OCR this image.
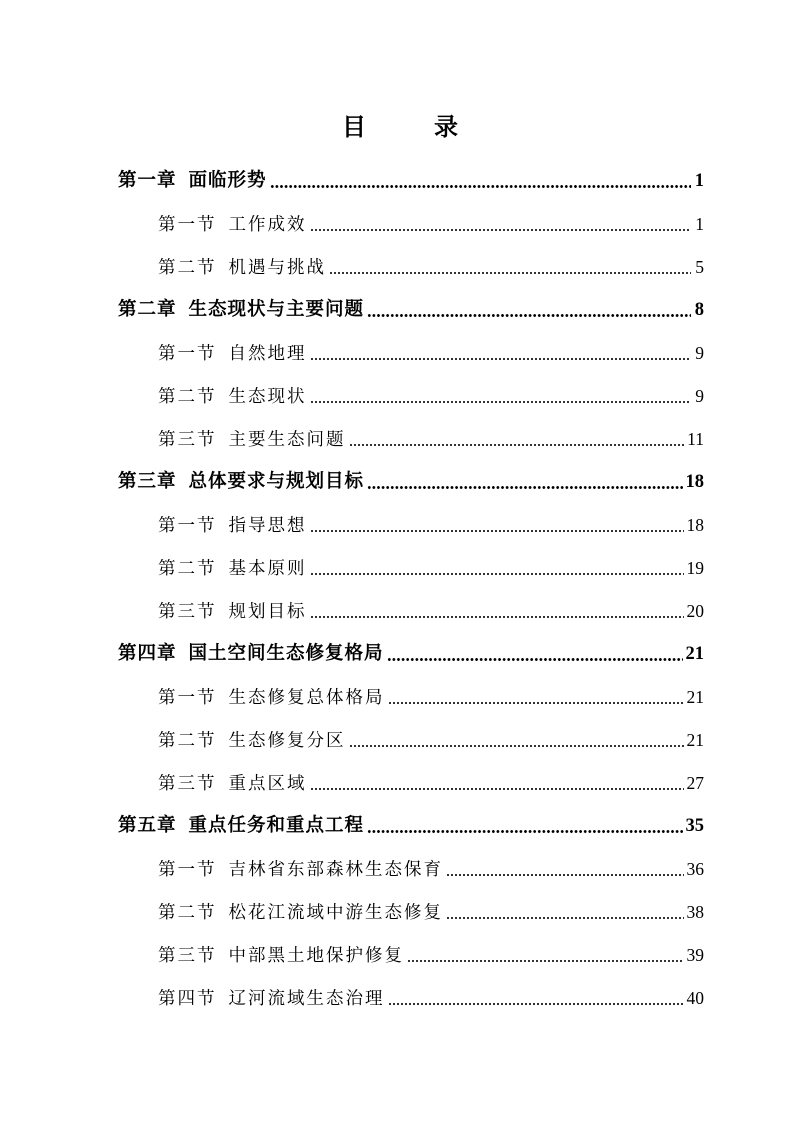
目　录
第一章 面临形势	1
第一节 工作成效	1
第二节 机遇与挑战	5
第二章 生态现状与主要问题	8
第一节 自然地理	9
第二节 生态现状	9
第三节 主要生态问题	11
第三章 总体要求与规划目标	18
第一节 指导思想	18
第二节 基本原则	19
第三节 规划目标	20
第四章 国土空间生态修复格局	21
第一节 生态修复总体格局	21
第二节 生态修复分区	21
第三节 重点区域	27
第五章 重点任务和重点工程	35
第一节 吉林省东部森林生态保育	36
第二节 松花江流域中游生态修复	38
第三节 中部黑土地保护修复	39
第四节 辽河流域生态治理	40
